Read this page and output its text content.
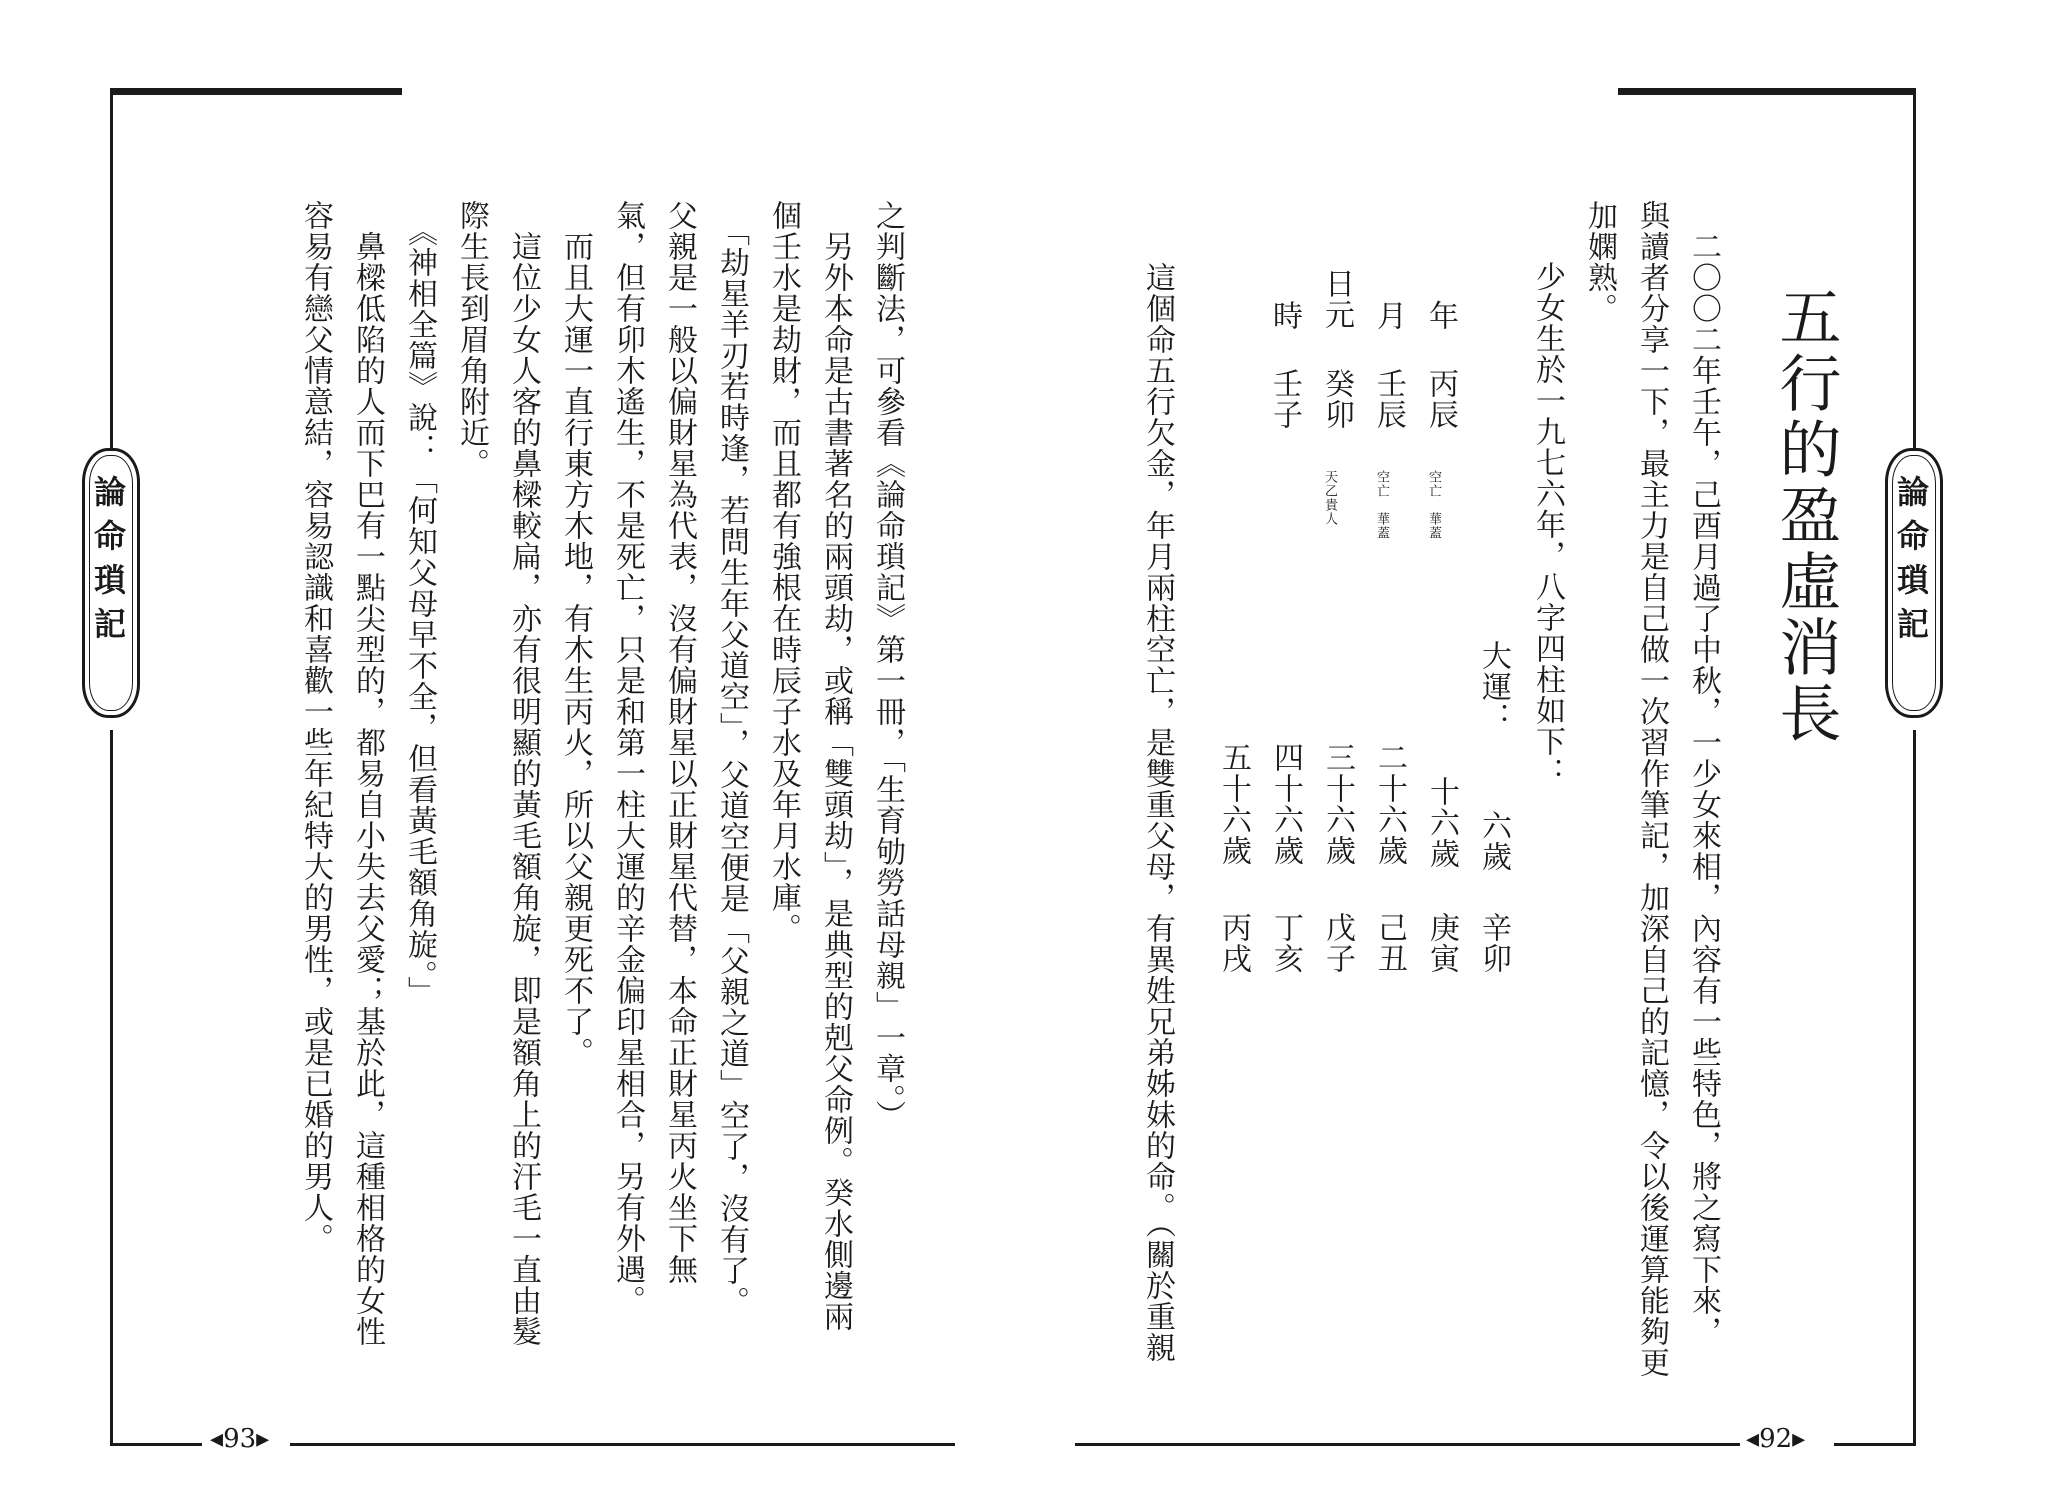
論命瑣記
◂93▸
之判斷法，可參看《論命瑣記》第一冊，「生育劬勞話母親」一章。）
　另外本命是古書著名的兩頭劫，或稱「雙頭劫」，是典型的剋父命例。癸水側邊兩
個壬水是劫財，而且都有強根在時辰子水及年月水庫。
　「劫星羊刃若時逢，若問生年父道空」，父道空便是「父親之道」空了，沒有了。
父親是一般以偏財星為代表，沒有偏財星以正財星代替，本命正財星丙火坐下無
氣，但有卯木遙生，不是死亡，只是和第一柱大運的辛金偏印星相合，另有外遇。
　而且大運一直行東方木地，有木生丙火，所以父親更死不了。
　這位少女人客的鼻樑較扁，亦有很明顯的黃毛額角旋，即是額角上的汗毛一直由髮
際生長到眉角附近。
　《神相全篇》說：「何知父母早不全，但看黃毛額角旋。」
　鼻樑低陷的人而下巴有一點尖型的，都易自小失去父愛；基於此，這種相格的女性
容易有戀父情意結，容易認識和喜歡一些年紀特大的男性，或是已婚的男人。	論命瑣記
◂92▸
五行的盈虛消長
　二〇〇二年壬午，己酉月過了中秋，一少女來相，內容有一些特色，將之寫下來，
與讀者分享一下，最主力是自己做一次習作筆記，加深自己的記憶，令以後運算能夠更
加嫻熟。
　少女生於一九七六年，八字四柱如下：
年
丙辰
空亡　華蓋
月
壬辰
空亡　華蓋
日元
癸卯
天乙貴人
時
壬子
大運：
六歲
辛卯
十六歲
庚寅
二十六歲
己丑
三十六歲
戊子
四十六歲
丁亥
五十六歲
丙戌
這個命五行欠金，年月兩柱空亡，是雙重父母，有異姓兄弟姊妹的命。（關於重親
